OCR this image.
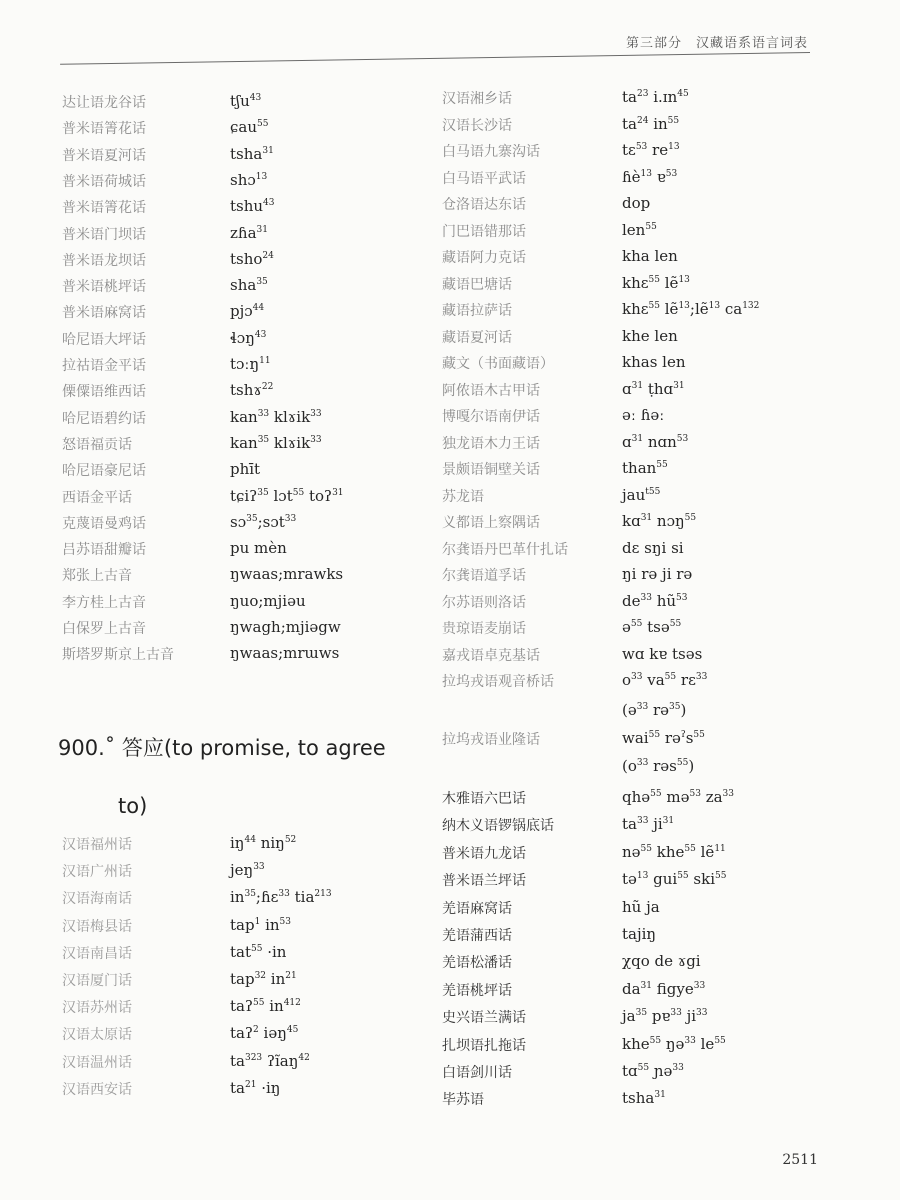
第三部分　汉藏语系语言词表
达让语龙谷话	tʃu$^{43}$
普米语箐花话	ɕau$^{55}$
普米语夏河话	tsha$^{31}$
普米语荷城话	shɔ$^{13}$
普米语箐花话	tshu$^{43}$
普米语门坝话	zɦa$^{31}$
普米语龙坝话	tsho$^{24}$
普米语桃坪话	sha$^{35}$
普米语麻窝话	pjɔ$^{44}$
哈尼语大坪话	ɬɔŋ$^{43}$
拉祜语金平话	tɔːŋ$^{11}$
傈僳语维西话	tshɤ$^{22}$
哈尼语碧约话	kan$^{33}$ klɤik$^{33}$
怒语福贡话	kan$^{35}$ klɤik$^{33}$
哈尼语豪尼话	phīt
西语金平话	tɕiʔ$^{35}$ lɔt$^{55}$ toʔ$^{31}$
克蔑语曼鸡话	sɔ$^{35}$;sɔt$^{33}$
吕苏语甜瓣话	pu mèn
郑张上古音	ŋwaas;mrawks
李方桂上古音	ŋuo;mjiəu
白保罗上古音	ŋwagh;mjiəgw
斯塔罗斯京上古音	ŋwaas;mrɯws
900.˚ 答应(to promise, to agree
to)
汉语福州话	$iŋ^{44}$ niŋ$^{52}$
汉语广州话	jeŋ$^{33}$
汉语海南话	$in^{35};ɦɛ^{33}$ tia$^{213}$
汉语梅县话	tap$^1$ $in^{53}$
汉语南昌话	tat$^{55}$ ·in
汉语厦门话	tap$^{32}$ $in^{21}$
汉语苏州话	taʔ$^{55}$ $in^{412}$
汉语太原话	taʔ$^2$ iəŋ$^{45}$
汉语温州话	$ta^{323}$ ʔĩaŋ$^{42}$
汉语西安话	$ta^{21}$ ·iŋ
汉语湘乡话	$ta^{23}$ i.ɪn$^{45}$
汉语长沙话	$ta^{24}$ $in^{55}$
白马语九寨沟话	tɛ$^{53}$ $re^{13}$
白马语平武话	ɦè$^{13}$ ɐ$^{53}$
仓洛语达东话	dop
门巴语错那话	len$^{55}$
藏语阿力克话	kha len
藏语巴塘话	khɛ$^{55}$ lẽ$^{13}$
藏语拉萨话	khɛ$^{55}$ lẽ$^{13}$;lẽ$^{13}$ $ca^{132}$
藏语夏河话	khe len
藏文（书面藏语）	khas len
阿侬语木古甲话	ɑ$^{31}$ ṭhɑ$^{31}$
博嘎尔语南伊话	əː ɦəː
独龙语木力王话	ɑ$^{31}$ nɑn$^{53}$
景颇语铜壁关话	than$^{55}$
苏龙语	jau$^{t55}$
义都语上察隅话	kɑ$^{31}$ nɔŋ$^{55}$
尔龚语丹巴革什扎话	dɛ sŋi si
尔龚语道孚话	ŋi rə ji rə
尔苏语则洛话	$de^{33}$ $hũ^{53}$
贵琼语麦崩话	ə$^{55}$ tsə$^{55}$
嘉戎语卓克基话	wɑ kɐ tsəs
拉坞戎语观音桥话	$o^{33}$ $va^{55}$ rɛ$^{33}$
(ə$^{33}$ rə$^{35}$)
拉坞戎语业隆话	wai$^{55}$ $rə^ʔs^{55}$
($o^{33}$ rəs$^{55}$)
木雅语六巴话	qhə$^{55}$ mə$^{53}$ $za^{33}$
纳木义语锣锅底话	$ta^{33}$ $ji^{31}$
普米语九龙话	nə$^{55}$ khe$^{55}$ lẽ$^{11}$
普米语兰坪话	tə$^{13}$ gui$^{55}$ ski$^{55}$
羌语麻窝话	hũ ja
羌语蒲西话	tajiŋ
羌语松潘话	χqo de ɤgi
羌语桃坪话	$da^{31}$ figye$^{33}$
史兴语兰满话	$ja^{35}$ pɐ$^{33}$ $ji^{33}$
扎坝语扎拖话	khe$^{55}$ ŋə$^{33}$ $le^{55}$
白语剑川话	tɑ$^{55}$ ɲə$^{33}$
毕苏语	tsha$^{31}$
2511
